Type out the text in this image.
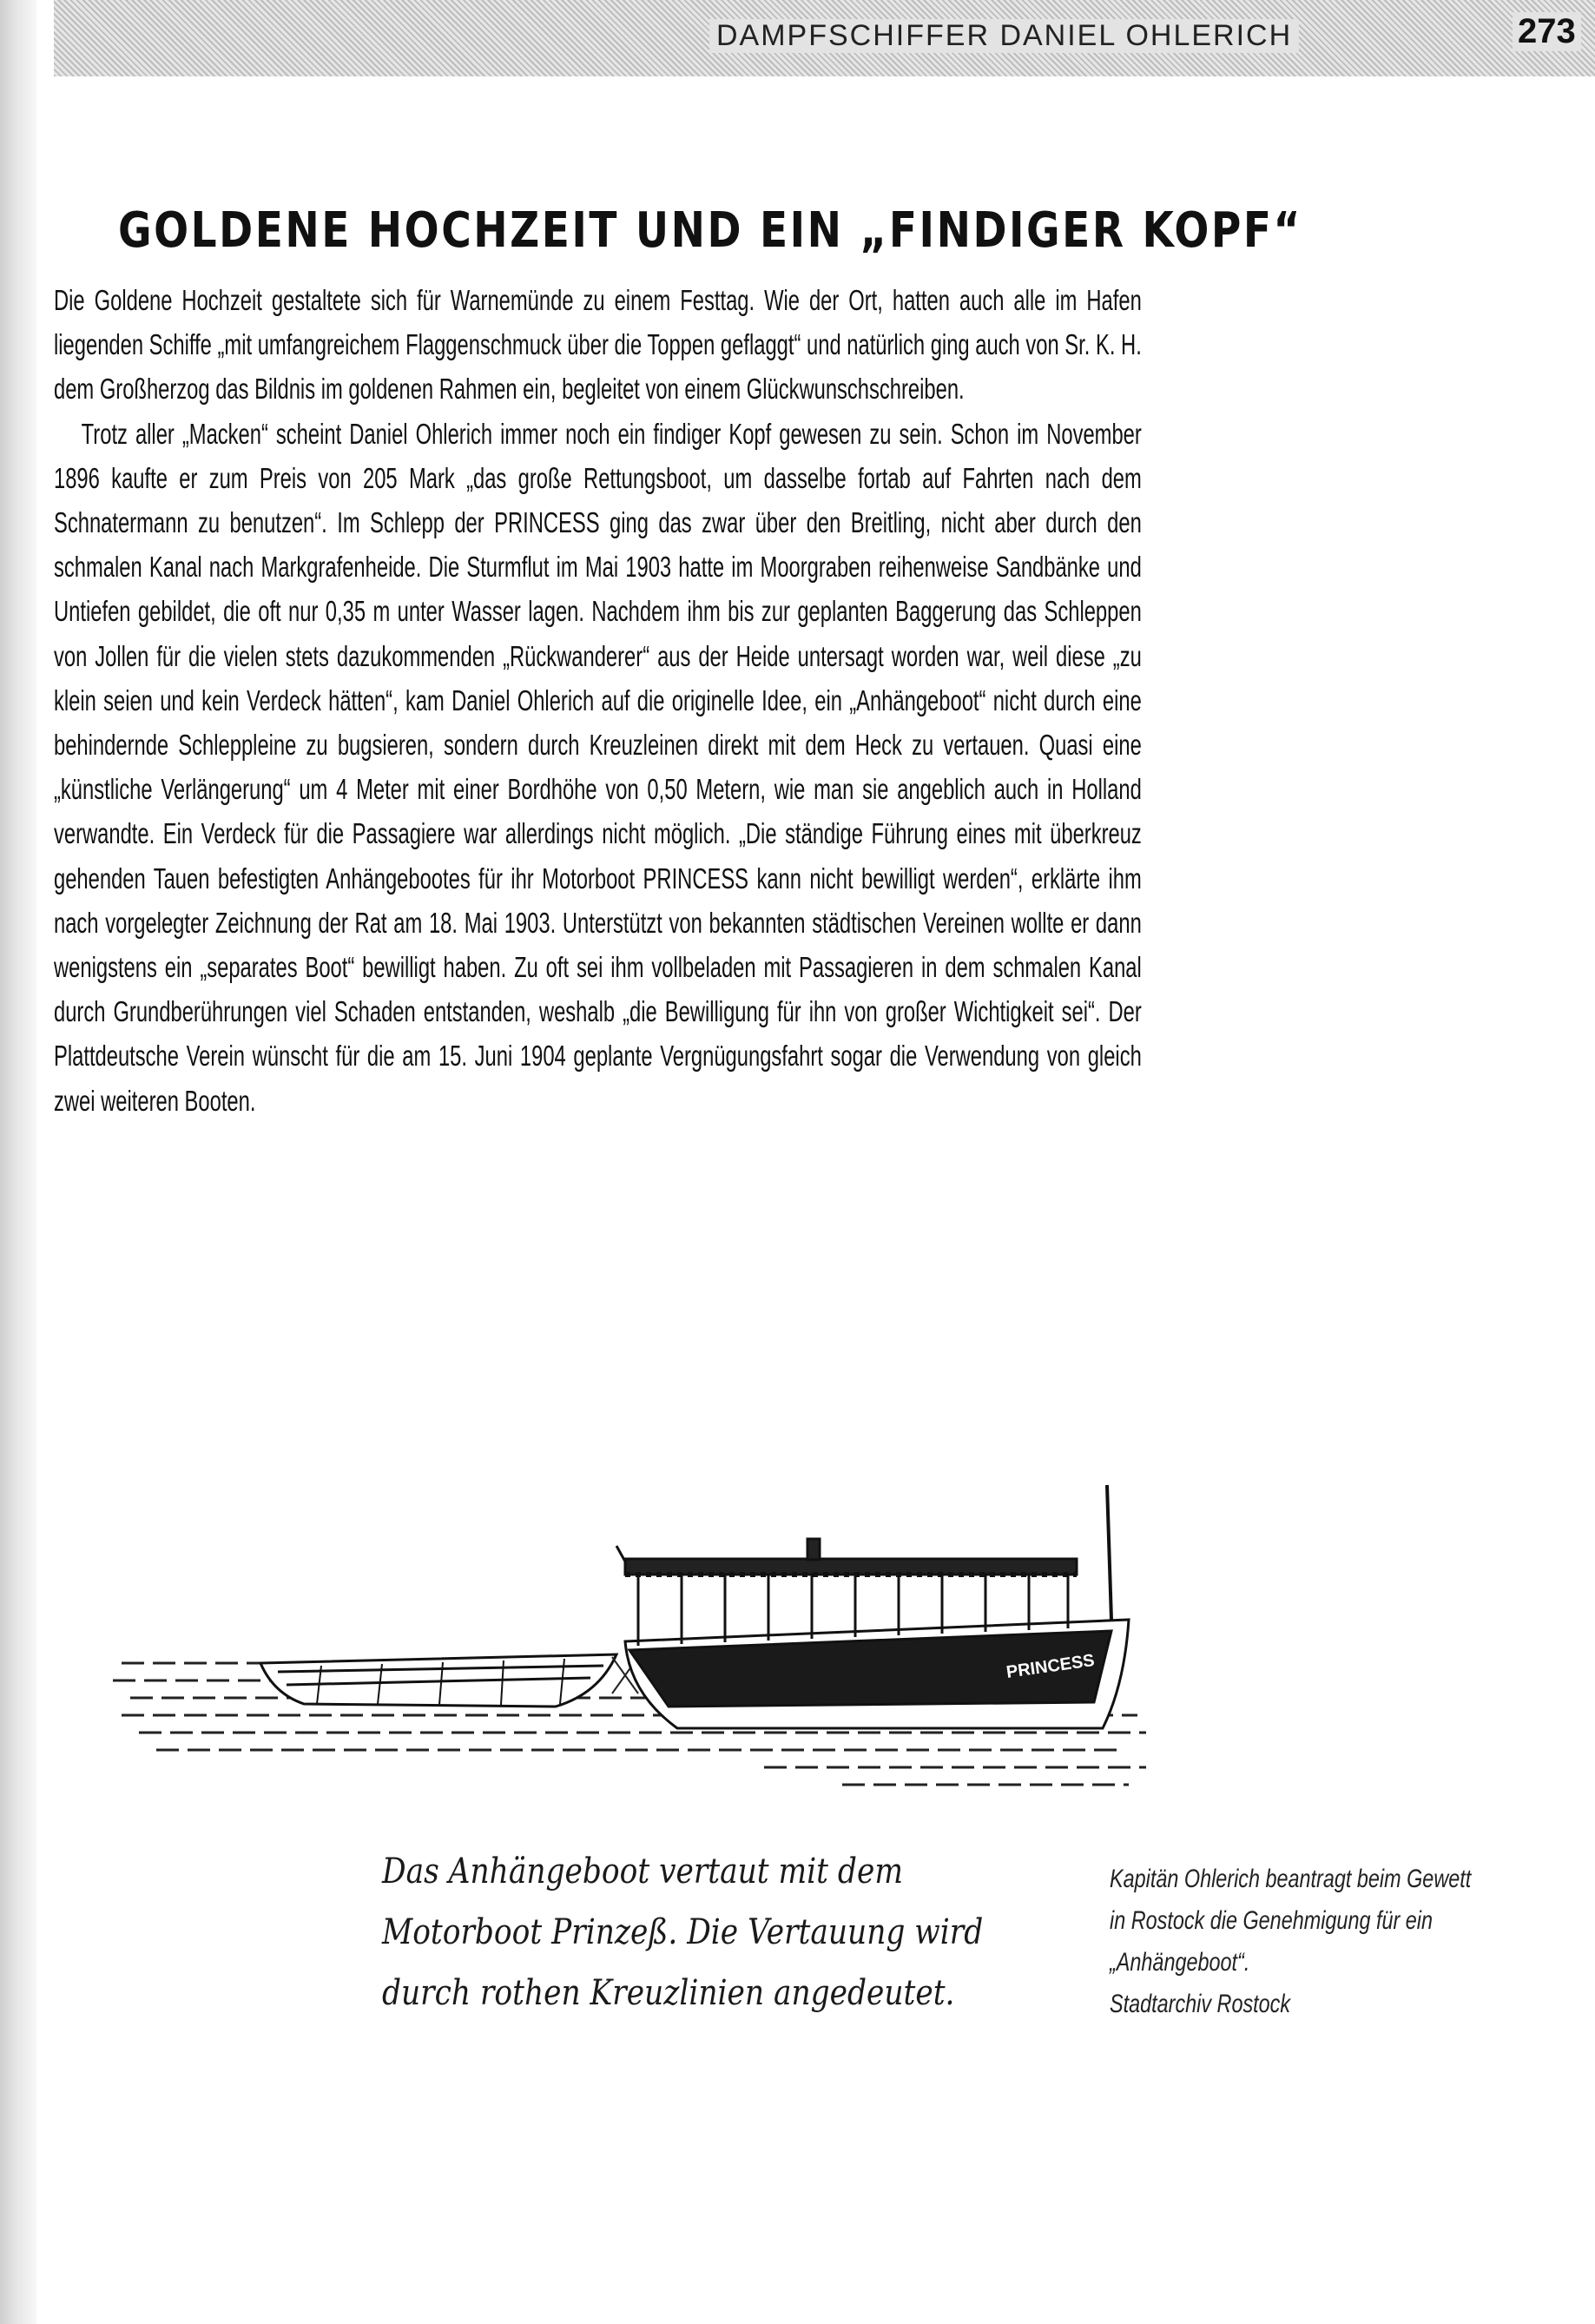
DAMPFSCHIFFER DANIEL OHLERICH	273
GOLDENE HOCHZEIT UND EIN „FINDIGER KOPF“

Die Goldene Hochzeit gestaltete sich für Warnemünde zu einem Festtag. Wie der Ort, hatten auch alle im Hafen liegenden Schiffe „mit umfangreichem Flaggenschmuck über die Toppen geflaggt“ und natürlich ging auch von Sr. K. H. dem Großherzog das Bildnis im goldenen Rahmen ein, begleitet von einem Glückwunschschreiben.

Trotz aller „Macken“ scheint Daniel Ohlerich immer noch ein findiger Kopf gewesen zu sein. Schon im November 1896 kaufte er zum Preis von 205 Mark „das große Rettungsboot, um dasselbe fortab auf Fahrten nach dem Schnatermann zu benutzen“. Im Schlepp der PRINCESS ging das zwar über den Breitling, nicht aber durch den schmalen Kanal nach Markgrafenheide. Die Sturmflut im Mai 1903 hatte im Moorgraben reihenweise Sandbänke und Untiefen gebildet, die oft nur 0,35 m unter Wasser lagen. Nachdem ihm bis zur geplanten Baggerung das Schleppen von Jollen für die vielen stets dazukommenden „Rückwanderer“ aus der Heide untersagt worden war, weil diese „zu klein seien und kein Verdeck hätten“, kam Daniel Ohlerich auf die originelle Idee, ein „Anhängeboot“ nicht durch eine behindernde Schleppleine zu bugsieren, sondern durch Kreuzleinen direkt mit dem Heck zu vertauen. Quasi eine „künstliche Verlängerung“ um 4 Meter mit einer Bordhöhe von 0,50 Metern, wie man sie angeblich auch in Holland verwandte. Ein Verdeck für die Passagiere war allerdings nicht möglich. „Die ständige Führung eines mit überkreuz gehenden Tauen befestigten Anhängebootes für ihr Motorboot PRINCESS kann nicht bewilligt werden“, erklärte ihm nach vorgelegter Zeichnung der Rat am 18. Mai 1903. Unterstützt von bekannten städtischen Vereinen wollte er dann wenigstens ein „separates Boot“ bewilligt haben. Zu oft sei ihm vollbeladen mit Passagieren in dem schmalen Kanal durch Grundberührungen viel Schaden entstanden, weshalb „die Bewilligung für ihn von großer Wichtigkeit sei“. Der Plattdeutsche Verein wünscht für die am 15. Juni 1904 geplante Vergnügungsfahrt sogar die Verwendung von gleich zwei weiteren Booten.

PRINCESS
Das Anhängeboot vertaut mit dem
Motorboot Prinzeß. Die Vertauung wird
durch rothen Kreuzlinien angedeutet.
Kapitän Ohlerich beantragt beim Gewett
in Rostock die Genehmigung für ein
„Anhängeboot“.
Stadtarchiv Rostock
